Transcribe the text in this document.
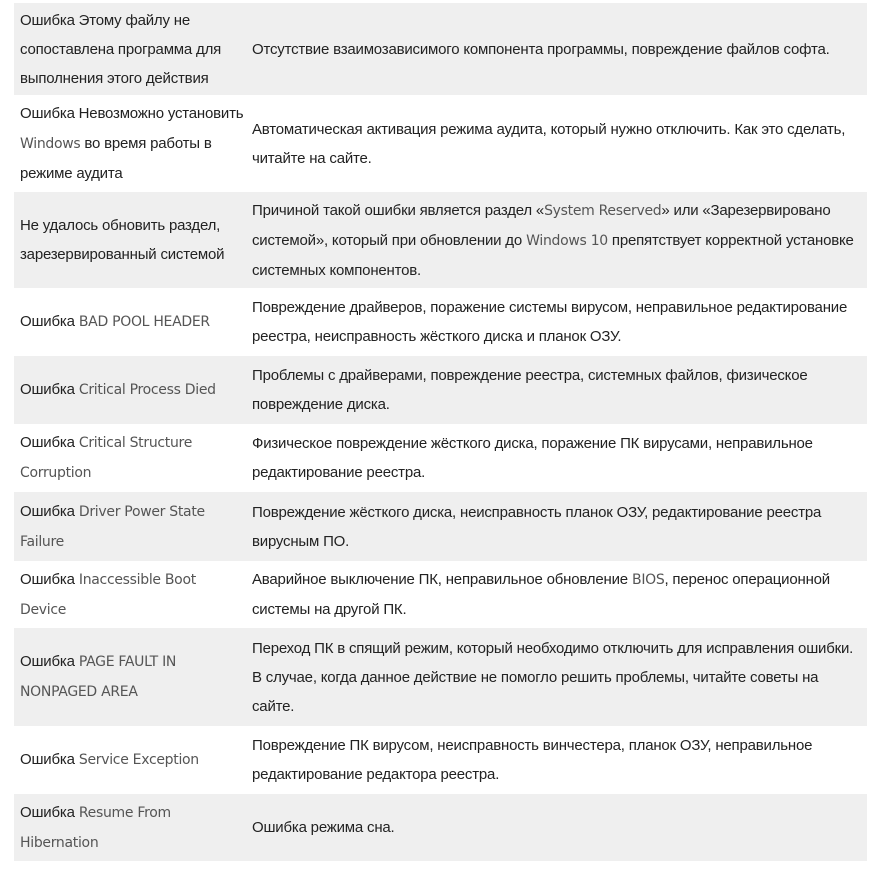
Ошибка Этому файлу не сопоставлена программа для выполнения этого действия	Отсутствие взаимозависимого компонента программы, повреждение файлов софта.
Ошибка Невозможно установитьWindows во время работы в режиме аудита	Автоматическая активация режима аудита, который нужно отключить. Как это сделать, читайте на сайте.
Не удалось обновить раздел, зарезервированный системой	Причиной такой ошибки является раздел «System Reserved» или «Зарезервировано системой», который при обновлении до Windows 10 препятствует корректной установке системных компонентов.
Ошибка BAD POOL HEADER	Повреждение драйверов, поражение системы вирусом, неправильное редактирование реестра, неисправность жёсткого диска и планок ОЗУ.
Ошибка Critical Process Died	Проблемы с драйверами, повреждение реестра, системных файлов, физическое повреждение диска.
Ошибка Critical Structure Corruption	Физическое повреждение жёсткого диска, поражение ПК вирусами, неправильное редактирование реестра.
Ошибка Driver Power State Failure	Повреждение жёсткого диска, неисправность планок ОЗУ, редактирование реестра вирусным ПО.
Ошибка Inaccessible Boot Device	Аварийное выключение ПК, неправильное обновление BIOS, перенос операционной системы на другой ПК.
Ошибка PAGE FAULT IN NONPAGED AREA	Переход ПК в спящий режим, который необходимо отключить для исправления ошибки. В случае, когда данное действие не помогло решить проблемы, читайте советы на сайте.
Ошибка Service Exception	Повреждение ПК вирусом, неисправность винчестера, планок ОЗУ, неправильное редактирование редактора реестра.
Ошибка Resume From Hibernation	Ошибка режима сна.
